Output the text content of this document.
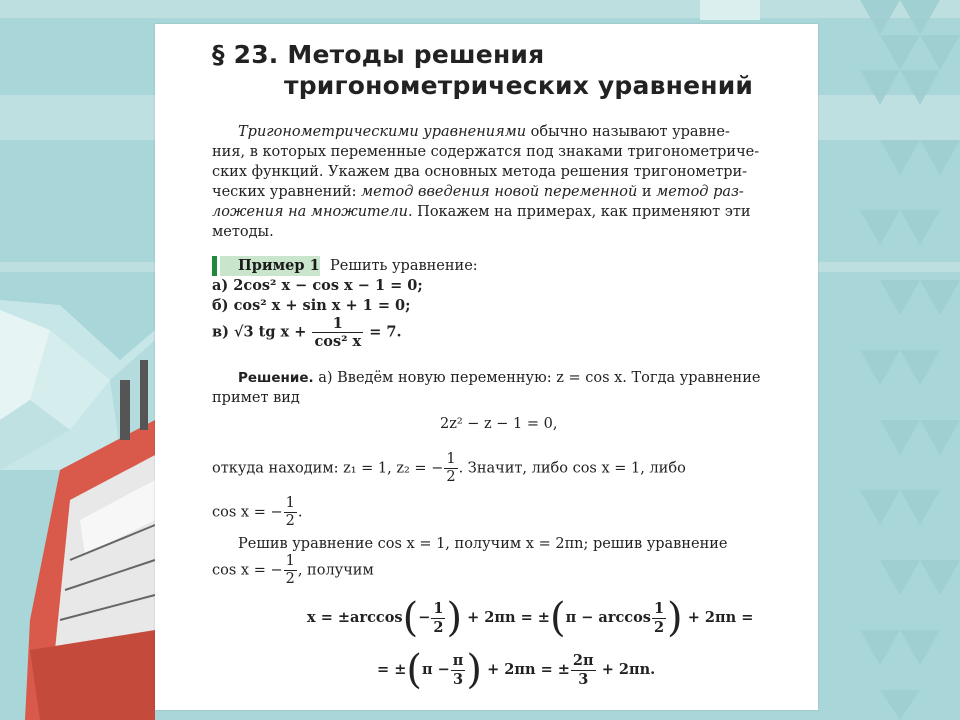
§ 23. Методы решения
тригонометрических уравнений
Тригонометрическими уравнениями обычно называют уравне-
ния, в которых переменные содержатся под знаками тригонометриче-
ских функций. Укажем два основных метода решения тригонометри-
ческих уравнений: метод введения новой переменной и метод раз-
ложения на множители. Покажем на примерах, как применяют эти
методы.
Пример 1 Решить уравнение:
а) 2cos² x − cos x − 1 = 0;
б) cos² x + sin x + 1 = 0;
в) √3 tg $x + \frac{1}{\text{cos² x}} = 7$.
Решение. а) Введём новую переменную: z = cos x. Тогда уравнение
примет вид
2z² − z − 1 = 0,
откуда находим: z₁ = 1, z₂ = − $\frac{1}{2}$ . Значит, либо cos x = 1, либо
cos x = − $\frac{1}{2}$ .
Решив уравнение cos x = 1, получим x = 2πn; решив уравнение
cos x = − $\frac{1}{2}$ , получим
$x = \pm\arccos(- \frac{1}{2}$ ) + $2\pi n = \pm(\pi - \arccos \frac{1}{2}$ ) + 2πn =
= $\pm(\pi - \frac{\pi}{3}$ ) + 2πn = ± $\frac{2\pi}{3} + 2\pi n$.
